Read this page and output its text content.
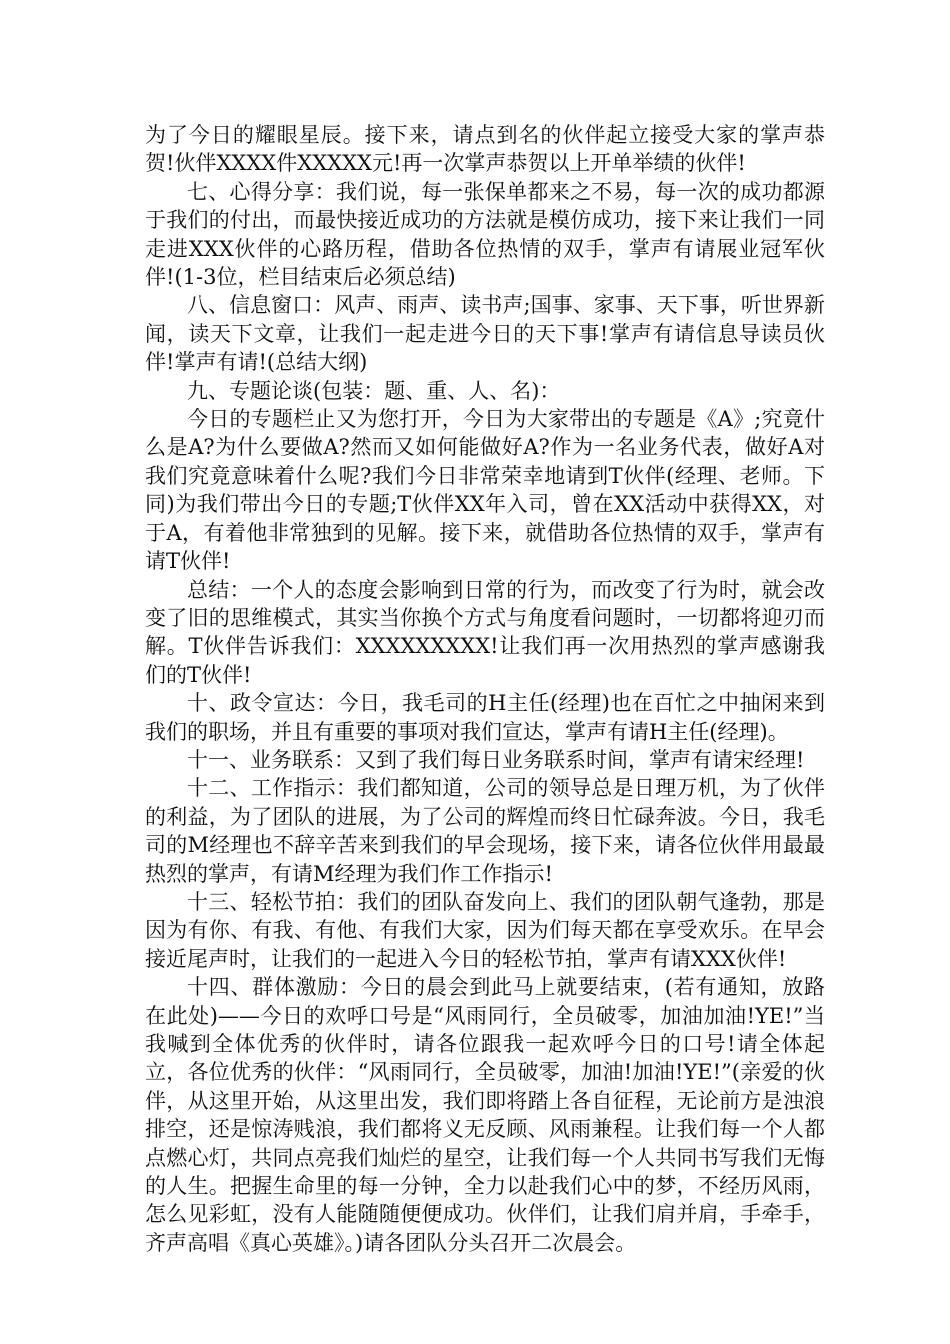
为了今日的耀眼星辰。接下来，请点到名的伙伴起立接受大家的掌声恭贺!伙伴XXXX件XXXXX元!再一次掌声恭贺以上开单举绩的伙伴!

七、心得分享：我们说，每一张保单都来之不易，每一次的成功都源于我们的付出，而最快接近成功的方法就是模仿成功，接下来让我们一同走进XXX伙伴的心路历程，借助各位热情的双手，掌声有请展业冠军伙伴!(1-3位，栏目结束后必须总结)

八、信息窗口：风声、雨声、读书声;国事、家事、天下事，听世界新闻，读天下文章，让我们一起走进今日的天下事!掌声有请信息导读员伙伴!掌声有请!(总结大纲)

九、专题论谈(包装：题、重、人、名)：

今日的专题栏止又为您打开，今日为大家带出的专题是《A》;究竟什么是A?为什么要做A?然而又如何能做好A?作为一名业务代表，做好A对我们究竟意味着什么呢?我们今日非常荣幸地请到T伙伴(经理、老师。下同)为我们带出今日的专题;T伙伴XX年入司，曾在XX活动中获得XX，对于A，有着他非常独到的见解。接下来，就借助各位热情的双手，掌声有请T伙伴!

总结：一个人的态度会影响到日常的行为，而改变了行为时，就会改变了旧的思维模式，其实当你换个方式与角度看问题时，一切都将迎刃而解。T伙伴告诉我们：XXXXXXXXX!让我们再一次用热烈的掌声感谢我们的T伙伴!

十、政令宣达：今日，我毛司的H主任(经理)也在百忙之中抽闲来到我们的职场，并且有重要的事项对我们宣达，掌声有请H主任(经理)。

十一、业务联系：又到了我们每日业务联系时间，掌声有请宋经理!

十二、工作指示：我们都知道，公司的领导总是日理万机，为了伙伴的利益，为了团队的进展，为了公司的辉煌而终日忙碌奔波。今日，我毛司的M经理也不辞辛苦来到我们的早会现场，接下来，请各位伙伴用最最热烈的掌声，有请M经理为我们作工作指示!

十三、轻松节拍：我们的团队奋发向上、我们的团队朝气逢勃，那是因为有你、有我、有他、有我们大家，因为们每天都在享受欢乐。在早会接近尾声时，让我们的一起进入今日的轻松节拍，掌声有请XXX伙伴!

十四、群体激励：今日的晨会到此马上就要结束，(若有通知，放路在此处)——今日的欢呼口号是“风雨同行，全员破零，加油加油!YE!”当我喊到全体优秀的伙伴时，请各位跟我一起欢呼今日的口号!请全体起立，各位优秀的伙伴：“风雨同行，全员破零，加油!加油!YE!”(亲爱的伙伴，从这里开始，从这里出发，我们即将踏上各自征程，无论前方是浊浪排空，还是惊涛贱浪，我们都将义无反顾、风雨兼程。让我们每一个人都点燃心灯，共同点亮我们灿烂的星空，让我们每一个人共同书写我们无悔的人生。把握生命里的每一分钟，全力以赴我们心中的梦，不经历风雨，怎么见彩虹，没有人能随随便便成功。伙伴们，让我们肩并肩，手牵手，齐声高唱《真心英雄》。)请各团队分头召开二次晨会。
